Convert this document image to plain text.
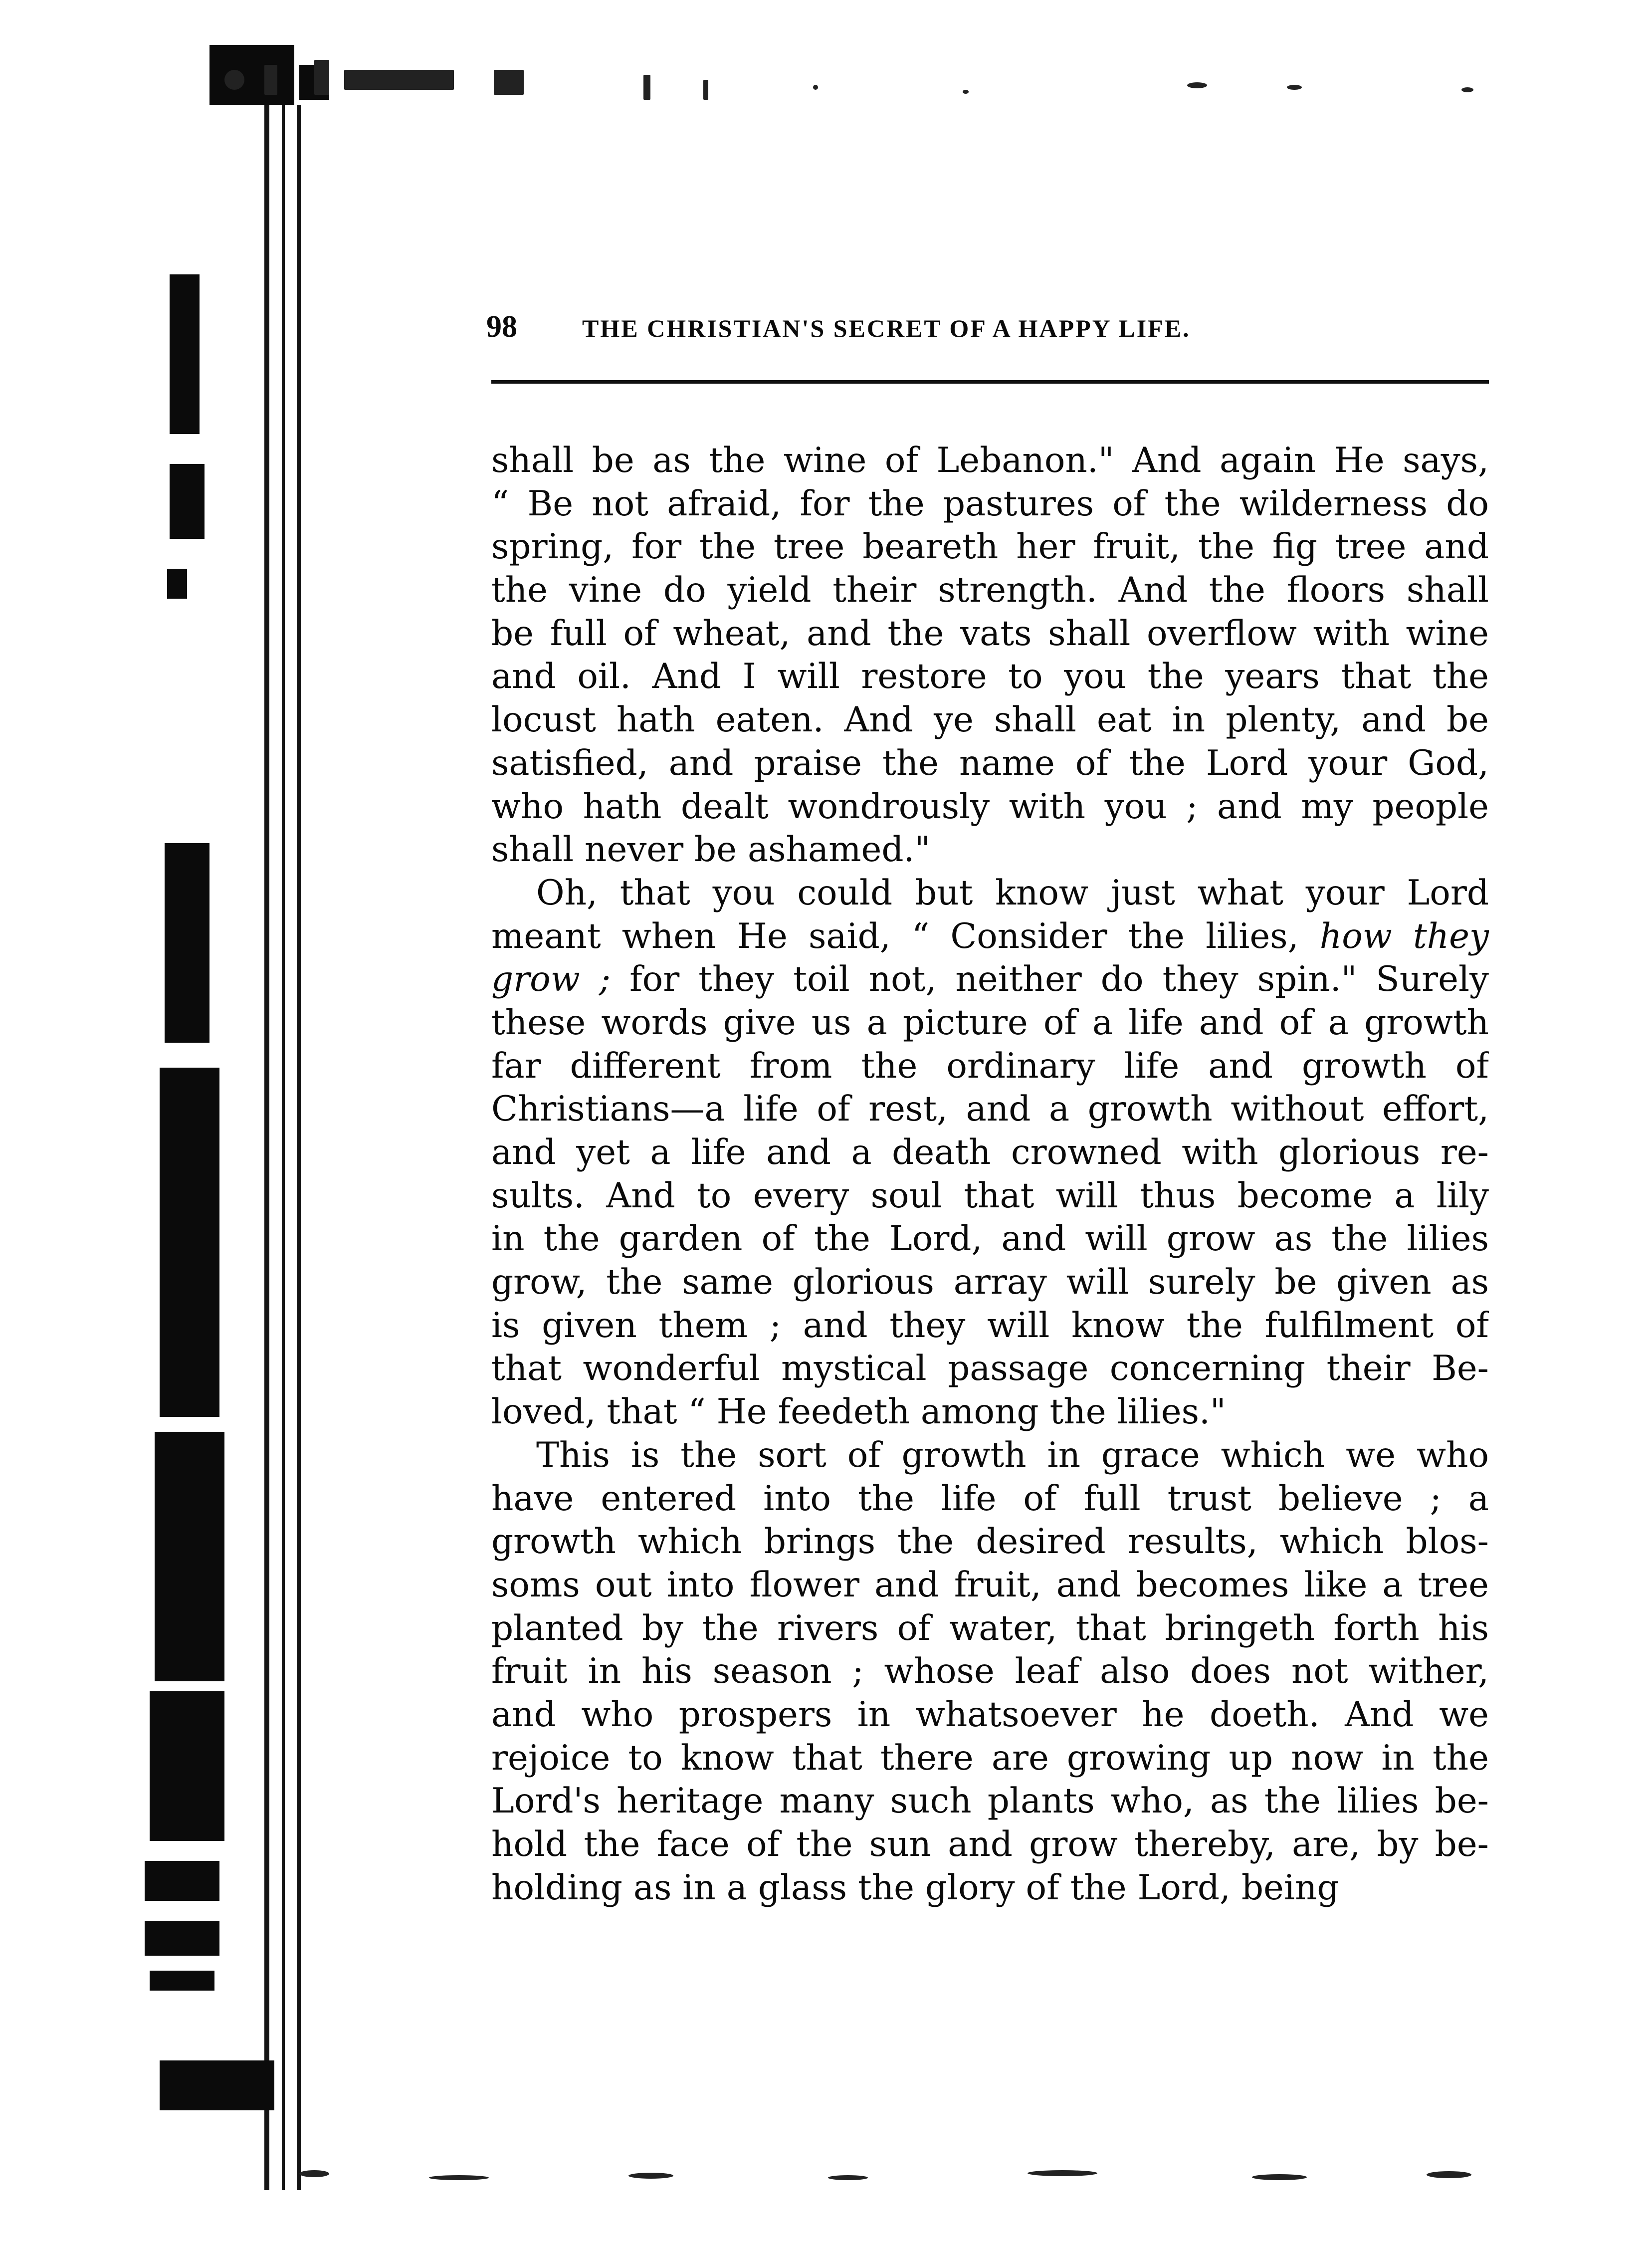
98	THE CHRISTIAN'S SECRET OF A HAPPY LIFE.
shall be as the wine of Lebanon." And again He says,
“ Be not afraid, for the pastures of the wilderness do
spring, for the tree beareth her fruit, the fig tree and
the vine do yield their strength. And the floors shall
be full of wheat, and the vats shall overflow with wine
and oil. And I will restore to you the years that the
locust hath eaten. And ye shall eat in plenty, and be
satisfied, and praise the name of the Lord your God,
who hath dealt wondrously with you ; and my people
shall never be ashamed."
Oh, that you could but know just what your Lord
meant when He said, “ Consider the lilies, how they
grow ; for they toil not, neither do they spin." Surely
these words give us a picture of a life and of a growth
far different from the ordinary life and growth of
Christians—a life of rest, and a growth without effort,
and yet a life and a death crowned with glorious re-
sults. And to every soul that will thus become a lily
in the garden of the Lord, and will grow as the lilies
grow, the same glorious array will surely be given as
is given them ; and they will know the fulfilment of
that wonderful mystical passage concerning their Be-
loved, that “ He feedeth among the lilies."
This is the sort of growth in grace which we who
have entered into the life of full trust believe ; a
growth which brings the desired results, which blos-
soms out into flower and fruit, and becomes like a tree
planted by the rivers of water, that bringeth forth his
fruit in his season ; whose leaf also does not wither,
and who prospers in whatsoever he doeth. And we
rejoice to know that there are growing up now in the
Lord's heritage many such plants who, as the lilies be-
hold the face of the sun and grow thereby, are, by be-
holding as in a glass the glory of the Lord, being
